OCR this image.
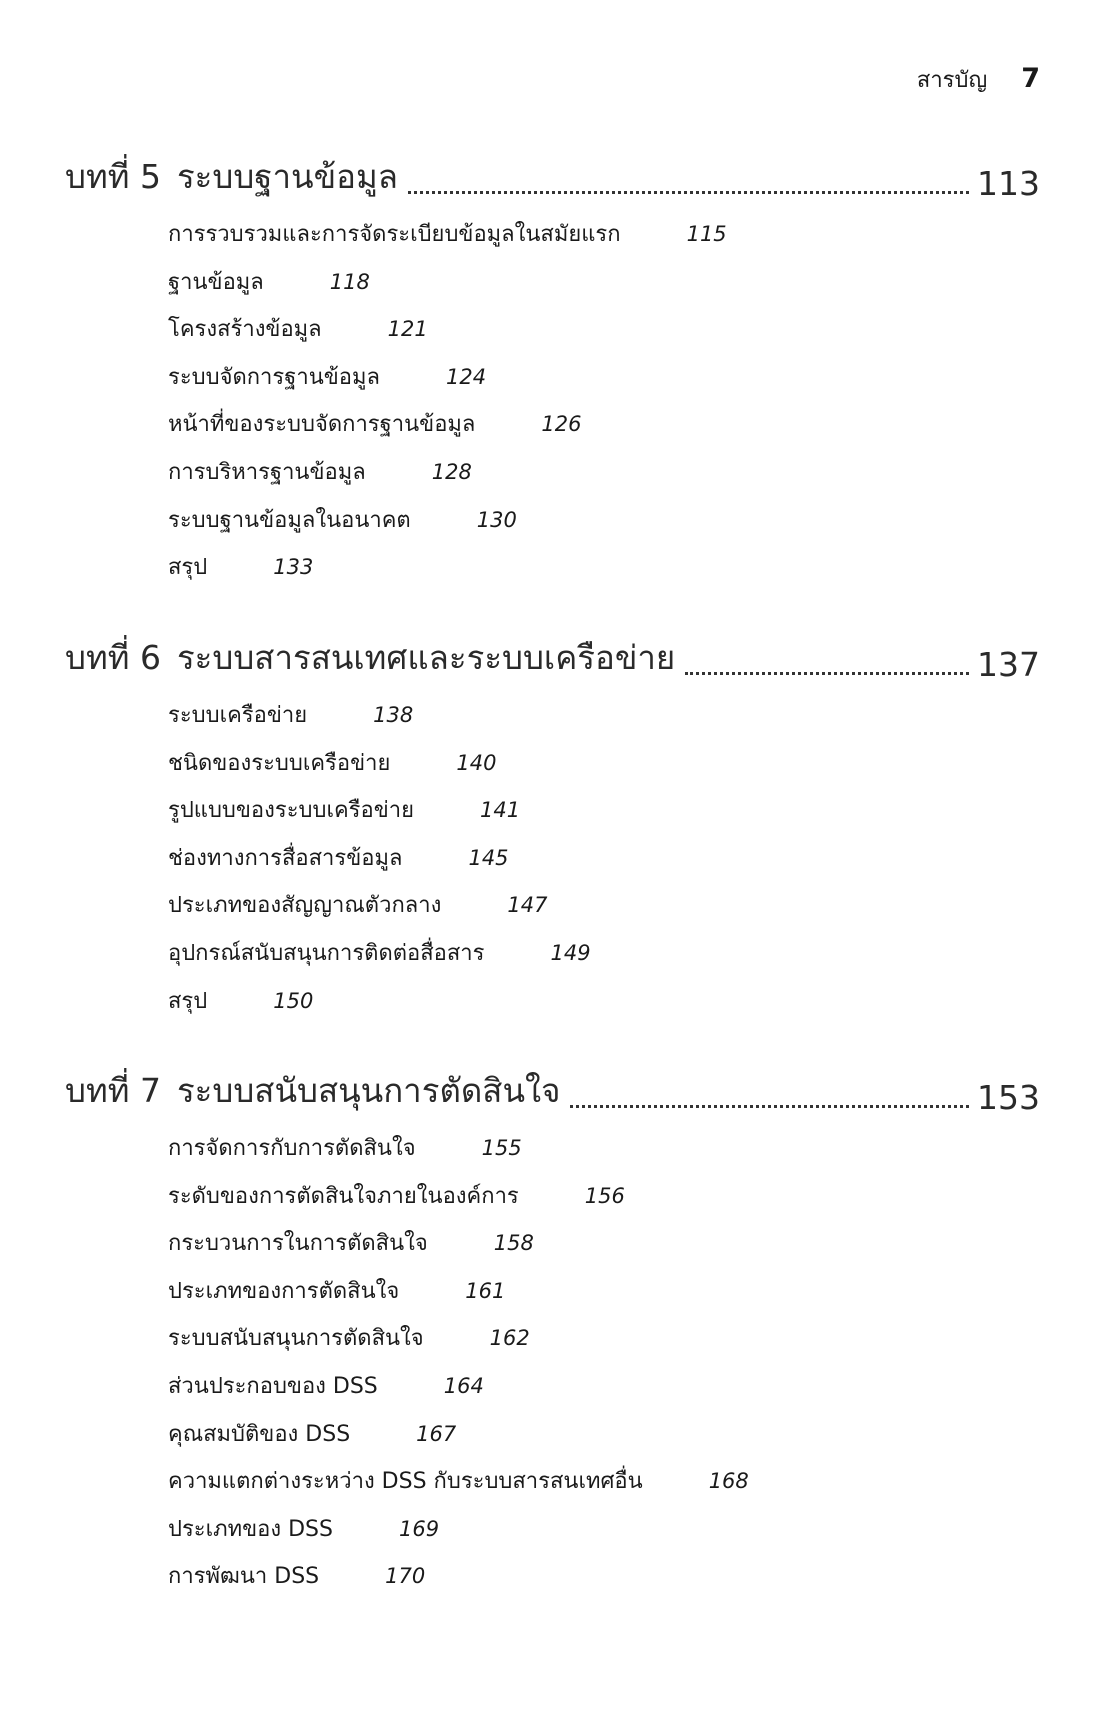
สารบัญ 7
บทที่ 5 ระบบฐานข้อมูล	113
การรวบรวมและการจัดระเบียบข้อมูลในสมัยแรก	115
ฐานข้อมูล	118
โครงสร้างข้อมูล	121
ระบบจัดการฐานข้อมูล	124
หน้าที่ของระบบจัดการฐานข้อมูล	126
การบริหารฐานข้อมูล	128
ระบบฐานข้อมูลในอนาคต	130
สรุป	133
บทที่ 6 ระบบสารสนเทศและระบบเครือข่าย	137
ระบบเครือข่าย	138
ชนิดของระบบเครือข่าย	140
รูปแบบของระบบเครือข่าย	141
ช่องทางการสื่อสารข้อมูล	145
ประเภทของสัญญาณตัวกลาง	147
อุปกรณ์สนับสนุนการติดต่อสื่อสาร	149
สรุป	150
บทที่ 7 ระบบสนับสนุนการตัดสินใจ	153
การจัดการกับการตัดสินใจ	155
ระดับของการตัดสินใจภายในองค์การ	156
กระบวนการในการตัดสินใจ	158
ประเภทของการตัดสินใจ	161
ระบบสนับสนุนการตัดสินใจ	162
ส่วนประกอบของ DSS	164
คุณสมบัติของ DSS	167
ความแตกต่างระหว่าง DSS กับระบบสารสนเทศอื่น	168
ประเภทของ DSS	169
การพัฒนา DSS	170
